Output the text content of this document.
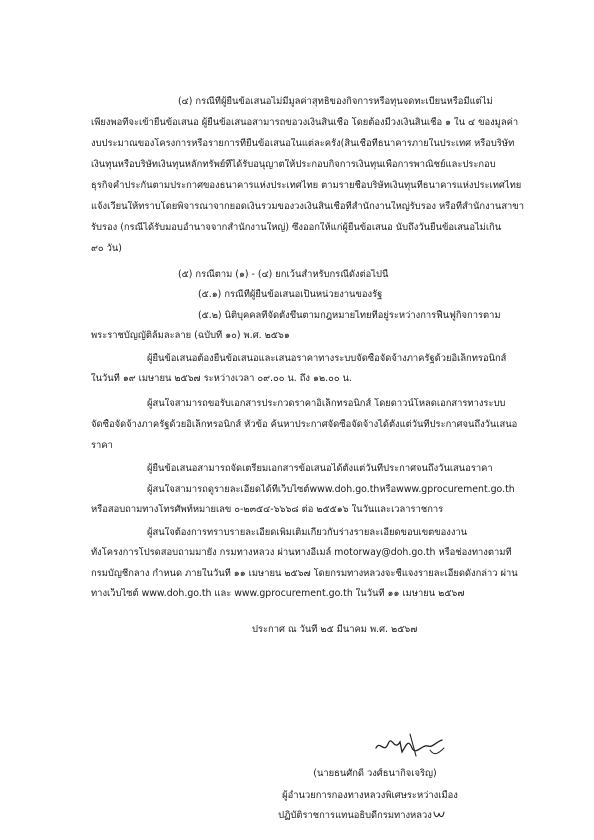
(๔) กรณีที่ผู้ยื่นข้อเสนอไม่มีมูลค่าสุทธิของกิจการหรือทุนจดทะเบียนหรือมีแต่ไม่
เพียงพอที่จะเข้ายื่นข้อเสนอ ผู้ยื่นข้อเสนอสามารถขอวงเงินสินเชื่อ โดยต้องมีวงเงินสินเชื่อ ๑ ใน ๔ ของมูลค่า
งบประมาณของโครงการหรือรายการที่ยื่นข้อเสนอในแต่ละครั้ง(สินเชื่อที่ธนาคารภายในประเทศ หรือบริษัท
เงินทุนหรือบริษัทเงินทุนหลักทรัพย์ที่ได้รับอนุญาตให้ประกอบกิจการเงินทุนเพื่อการพาณิชย์และประกอบ
ธุรกิจค้ำประกันตามประกาศของธนาคารแห่งประเทศไทย ตามรายชื่อบริษัทเงินทุนที่ธนาคารแห่งประเทศไทย
แจ้งเวียนให้ทราบโดยพิจารณาจากยอดเงินรวมของวงเงินสินเชื่อที่สำนักงานใหญ่รับรอง หรือที่สำนักงานสาขา
รับรอง (กรณีได้รับมอบอำนาจจากสำนักงานใหญ่) ซึ่งออกให้แก่ผู้ยื่นข้อเสนอ นับถึงวันยื่นข้อเสนอไม่เกิน
๙๐ วัน)
(๕) กรณีตาม (๑) - (๔) ยกเว้นสำหรับกรณีดังต่อไปนี้
(๕.๑) กรณีที่ผู้ยื่นข้อเสนอเป็นหน่วยงานของรัฐ
(๕.๒) นิติบุคคลที่จัดตั้งขึ้นตามกฎหมายไทยที่อยู่ระหว่างการฟื้นฟูกิจการตาม
พระราชบัญญัติล้มละลาย (ฉบับที่ ๑๐) พ.ศ. ๒๕๖๑
ผู้ยื่นข้อเสนอต้องยื่นข้อเสนอและเสนอราคาทางระบบจัดซื้อจัดจ้างภาครัฐด้วยอิเล็กทรอนิกส์
ในวันที่ ๑๙ เมษายน ๒๕๖๗ ระหว่างเวลา ๐๙.๐๐ น. ถึง ๑๒.๐๐ น.
ผู้สนใจสามารถขอรับเอกสารประกวดราคาอิเล็กทรอนิกส์ โดยดาวน์โหลดเอกสารทางระบบ
จัดซื้อจัดจ้างภาครัฐด้วยอิเล็กทรอนิกส์ หัวข้อ ค้นหาประกาศจัดซื้อจัดจ้างได้ตั้งแต่วันที่ประกาศจนถึงวันเสนอ
ราคา
ผู้ยื่นข้อเสนอสามารถจัดเตรียมเอกสารข้อเสนอได้ตั้งแต่วันที่ประกาศจนถึงวันเสนอราคา
ผู้สนใจสามารถดูรายละเอียดได้ที่เว็บไซต์www.doh.go.thหรือwww.gprocurement.go.th
หรือสอบถามทางโทรศัพท์หมายเลข ๐-๒๓๕๔-๖๖๖๘ ต่อ ๒๕๕๑๖ ในวันและเวลาราชการ
ผู้สนใจต้องการทราบรายละเอียดเพิ่มเติมเกี่ยวกับร่างรายละเอียดขอบเขตของงาน
ทั้งโครงการโปรดสอบถามมายัง กรมทางหลวง ผ่านทางอีเมล์ motorway@doh.go.th หรือช่องทางตามที่
กรมบัญชีกลาง กำหนด ภายในวันที่ ๑๑ เมษายน ๒๕๖๗ โดยกรมทางหลวงจะชี้แจงรายละเอียดดังกล่าว ผ่าน
ทางเว็บไซต์ www.doh.go.th และ www.gprocurement.go.th ในวันที่ ๑๑ เมษายน ๒๕๖๗
ประกาศ ณ วันที่ ๒๕ มีนาคม พ.ศ. ๒๕๖๗
(นายธนศักดิ์ วงศ์ธนากิจเจริญ)
ผู้อำนวยการกองทางหลวงพิเศษระหว่างเมือง
ปฏิบัติราชการแทนอธิบดีกรมทางหลวง
